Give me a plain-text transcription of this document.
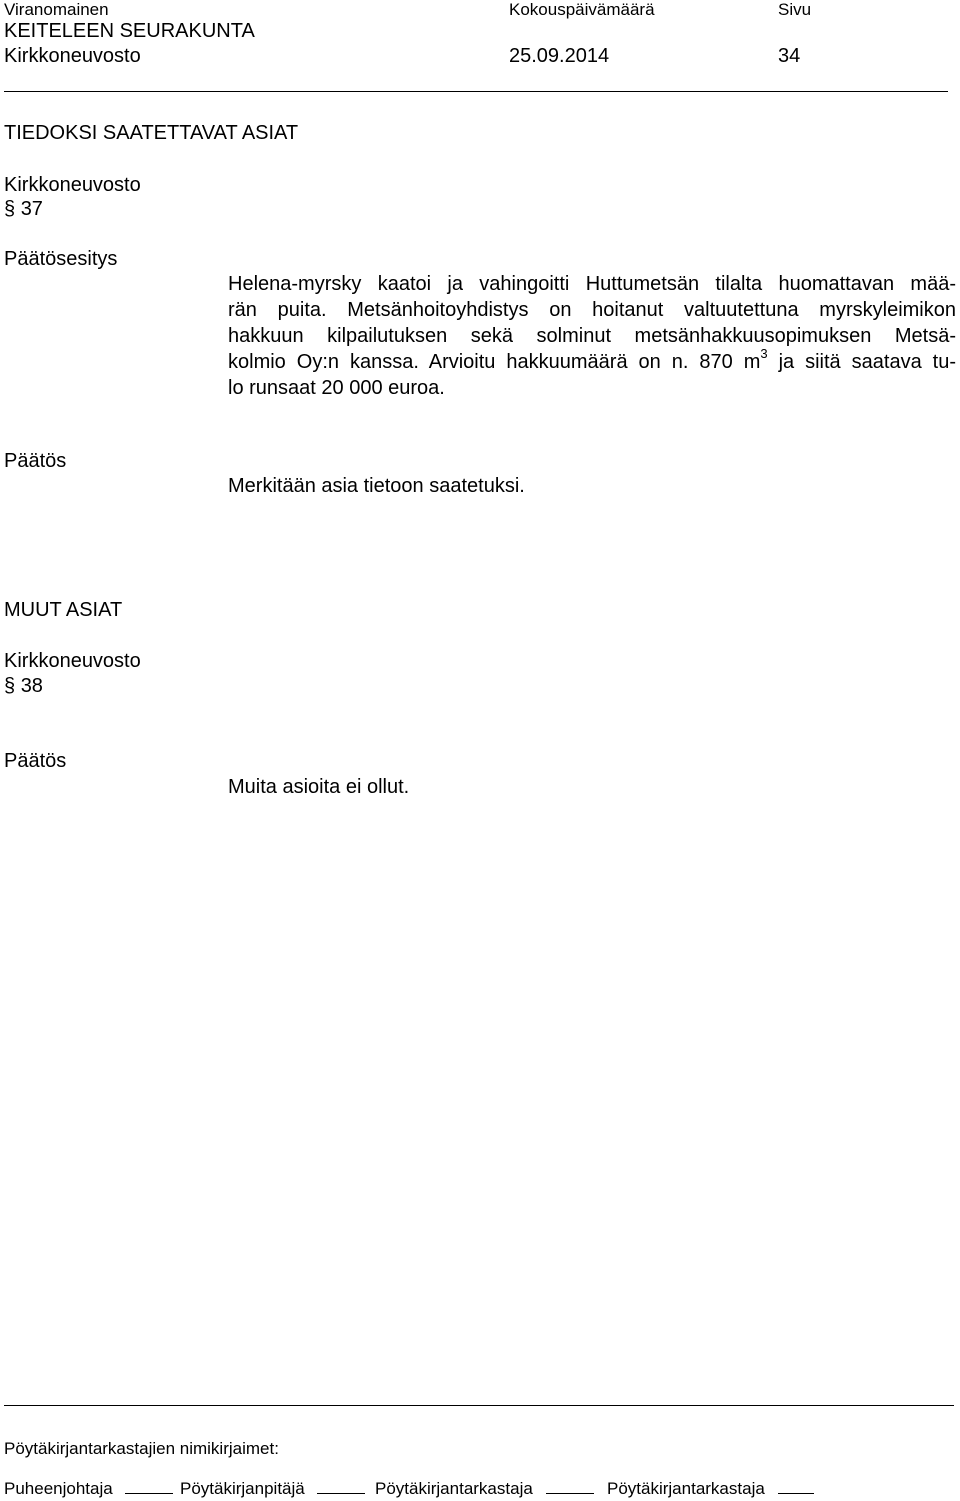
Viranomainen	Kokouspäivämäärä	Sivu
KEITELEEN SEURAKUNTA
Kirkkoneuvosto	25.09.2014	34
TIEDOKSI SAATETTAVAT ASIAT
Kirkkoneuvosto
§ 37
Päätösesitys
Helena-myrsky kaatoi ja vahingoitti Huttumetsän tilalta huomattavan mää-
rän puita. Metsänhoitoyhdistys on hoitanut valtuutettuna myrskyleimikon
hakkuun kilpailutuksen sekä solminut metsänhakkuusopimuksen Metsä-
kolmio Oy:n kanssa. Arvioitu hakkuumäärä on n. 870 $m^3$ ja siitä saatava tu-
lo runsaat 20 000 euroa.
Päätös
Merkitään asia tietoon saatetuksi.
MUUT ASIAT
Kirkkoneuvosto
§ 38
Päätös
Muita asioita ei ollut.
Pöytäkirjantarkastajien nimikirjaimet:
Puheenjohtaja	Pöytäkirjanpitäjä	Pöytäkirjantarkastaja	Pöytäkirjantarkastaja
